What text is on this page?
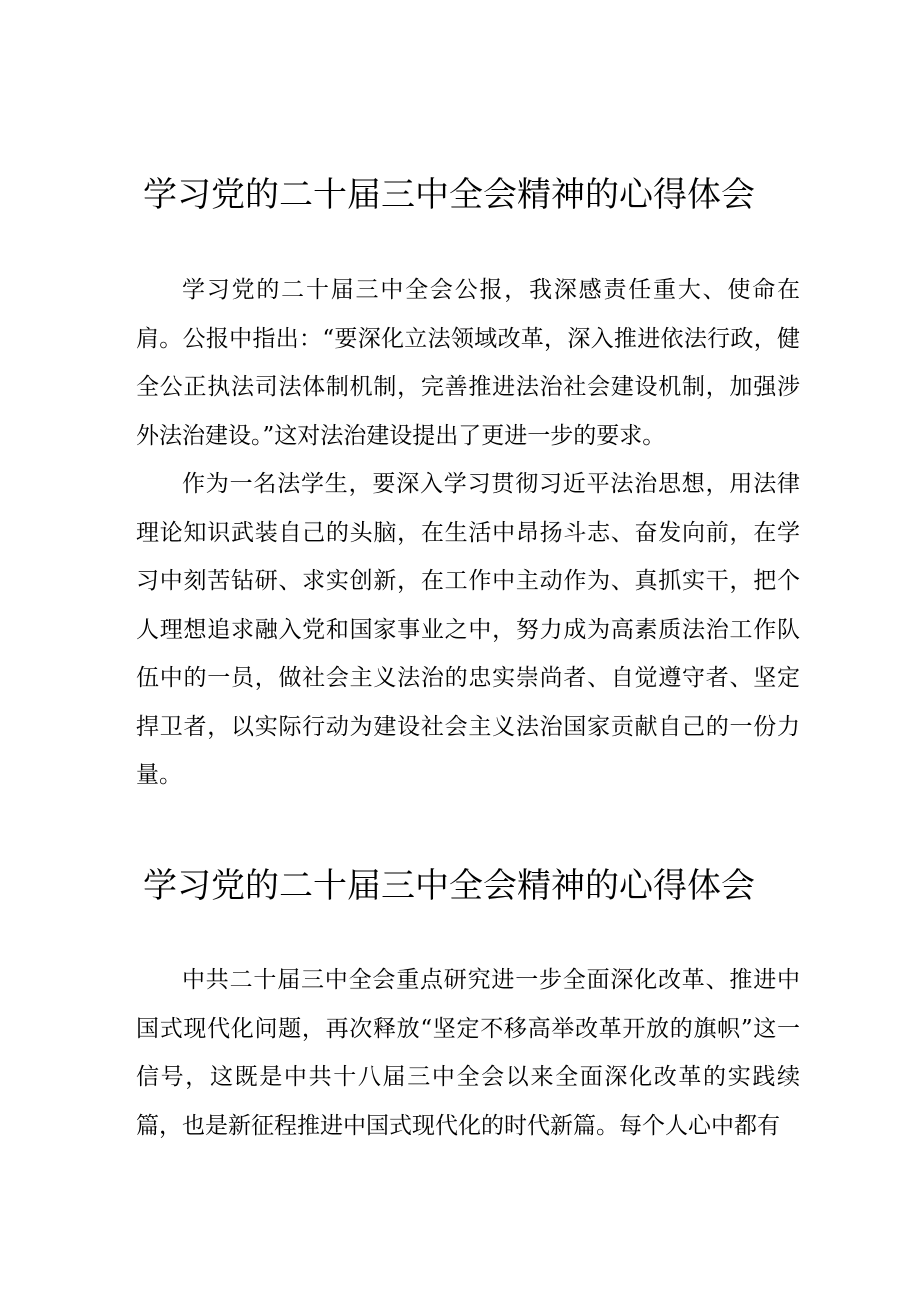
学习党的二十届三中全会精神的心得体会

学习党的二十届三中全会公报，我深感责任重大、使命在肩。公报中指出：“要深化立法领域改革，深入推进依法行政，健全公正执法司法体制机制，完善推进法治社会建设机制，加强涉外法治建设。”这对法治建设提出了更进一步的要求。

作为一名法学生，要深入学习贯彻习近平法治思想，用法律理论知识武装自己的头脑，在生活中昂扬斗志、奋发向前，在学习中刻苦钻研、求实创新，在工作中主动作为、真抓实干，把个人理想追求融入党和国家事业之中，努力成为高素质法治工作队伍中的一员，做社会主义法治的忠实崇尚者、自觉遵守者、坚定捍卫者，以实际行动为建设社会主义法治国家贡献自己的一份力量。

学习党的二十届三中全会精神的心得体会

中共二十届三中全会重点研究进一步全面深化改革、推进中国式现代化问题，再次释放“坚定不移高举改革开放的旗帜”这一信号，这既是中共十八届三中全会以来全面深化改革的实践续篇，也是新征程推进中国式现代化的时代新篇。每个人心中都有
